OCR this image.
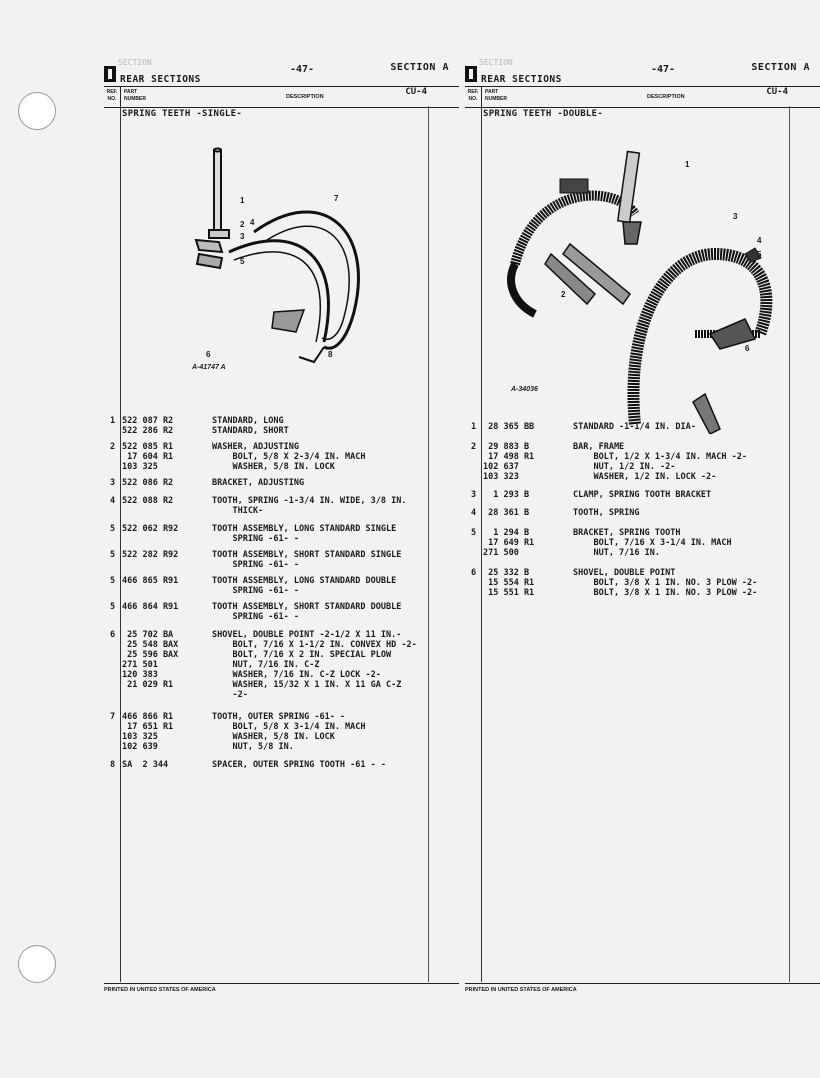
SECTION
REAR SECTIONS
-47-	SECTION A
REF.
NO.
PART
NUMBER	DESCRIPTION	CU-4
SPRING TEETH -SINGLE-
1
2
3
4
5
6
7
8
A-41747 A
1 522 087 R2	STANDARD, LONG
522 286 R2	STANDARD, SHORT
2 522 085 R1	WASHER, ADJUSTING
17 604 R1	BOLT, 5/8 X 2-3/4 IN. MACH
103 325	WASHER, 5/8 IN. LOCK
3 522 086 R2	BRACKET, ADJUSTING
4 522 088 R2	TOOTH, SPRING -1-3/4 IN. WIDE, 3/8 IN.
THICK-
5 522 062 R92	TOOTH ASSEMBLY, LONG STANDARD SINGLE
SPRING -61- -
5 522 282 R92	TOOTH ASSEMBLY, SHORT STANDARD SINGLE
SPRING -61- -
5 466 865 R91	TOOTH ASSEMBLY, LONG STANDARD DOUBLE
SPRING -61- -
5 466 864 R91	TOOTH ASSEMBLY, SHORT STANDARD DOUBLE
SPRING -61- -
6 25 702 BA	SHOVEL, DOUBLE POINT -2-1/2 X 11 IN.-
25 548 BAX	BOLT, 7/16 X 1-1/2 IN. CONVEX HD -2-
25 596 BAX	BOLT, 7/16 X 2 IN. SPECIAL PLOW
271 501	NUT, 7/16 IN. C-Z
120 383	WASHER, 7/16 IN. C-Z LOCK -2-
21 029 R1	WASHER, 15/32 X 1 IN. X 11 GA C-Z
-2-
7 466 866 R1	TOOTH, OUTER SPRING -61- -
17 651 R1	BOLT, 5/8 X 3-1/4 IN. MACH
103 325	WASHER, 5/8 IN. LOCK
102 639	NUT, 5/8 IN.
8 SA  2 344	SPACER, OUTER SPRING TOOTH -61 - -
PRINTED IN UNITED STATES OF AMERICA
SECTION
REAR SECTIONS
-47-	SECTION A
REF.
NO.
PART
NUMBER	DESCRIPTION	CU-4
SPRING TEETH -DOUBLE-
1
2
3
4
5
6
A-34036
1 28 365 BB	STANDARD -1-1/4 IN. DIA-
2 29 883 B	BAR, FRAME
17 498 R1	BOLT, 1/2 X 1-3/4 IN. MACH -2-
102 637	NUT, 1/2 IN. -2-
103 323	WASHER, 1/2 IN. LOCK -2-
3 1 293 B	CLAMP, SPRING TOOTH BRACKET
4 28 361 B	TOOTH, SPRING
5 1 294 B	BRACKET, SPRING TOOTH
17 649 R1	BOLT, 7/16 X 3-1/4 IN. MACH
271 500	NUT, 7/16 IN.
6 25 332 B	SHOVEL, DOUBLE POINT
15 554 R1	BOLT, 3/8 X 1 IN. NO. 3 PLOW -2-
15 551 R1	BOLT, 3/8 X 1 IN. NO. 3 PLOW -2-
PRINTED IN UNITED STATES OF AMERICA
